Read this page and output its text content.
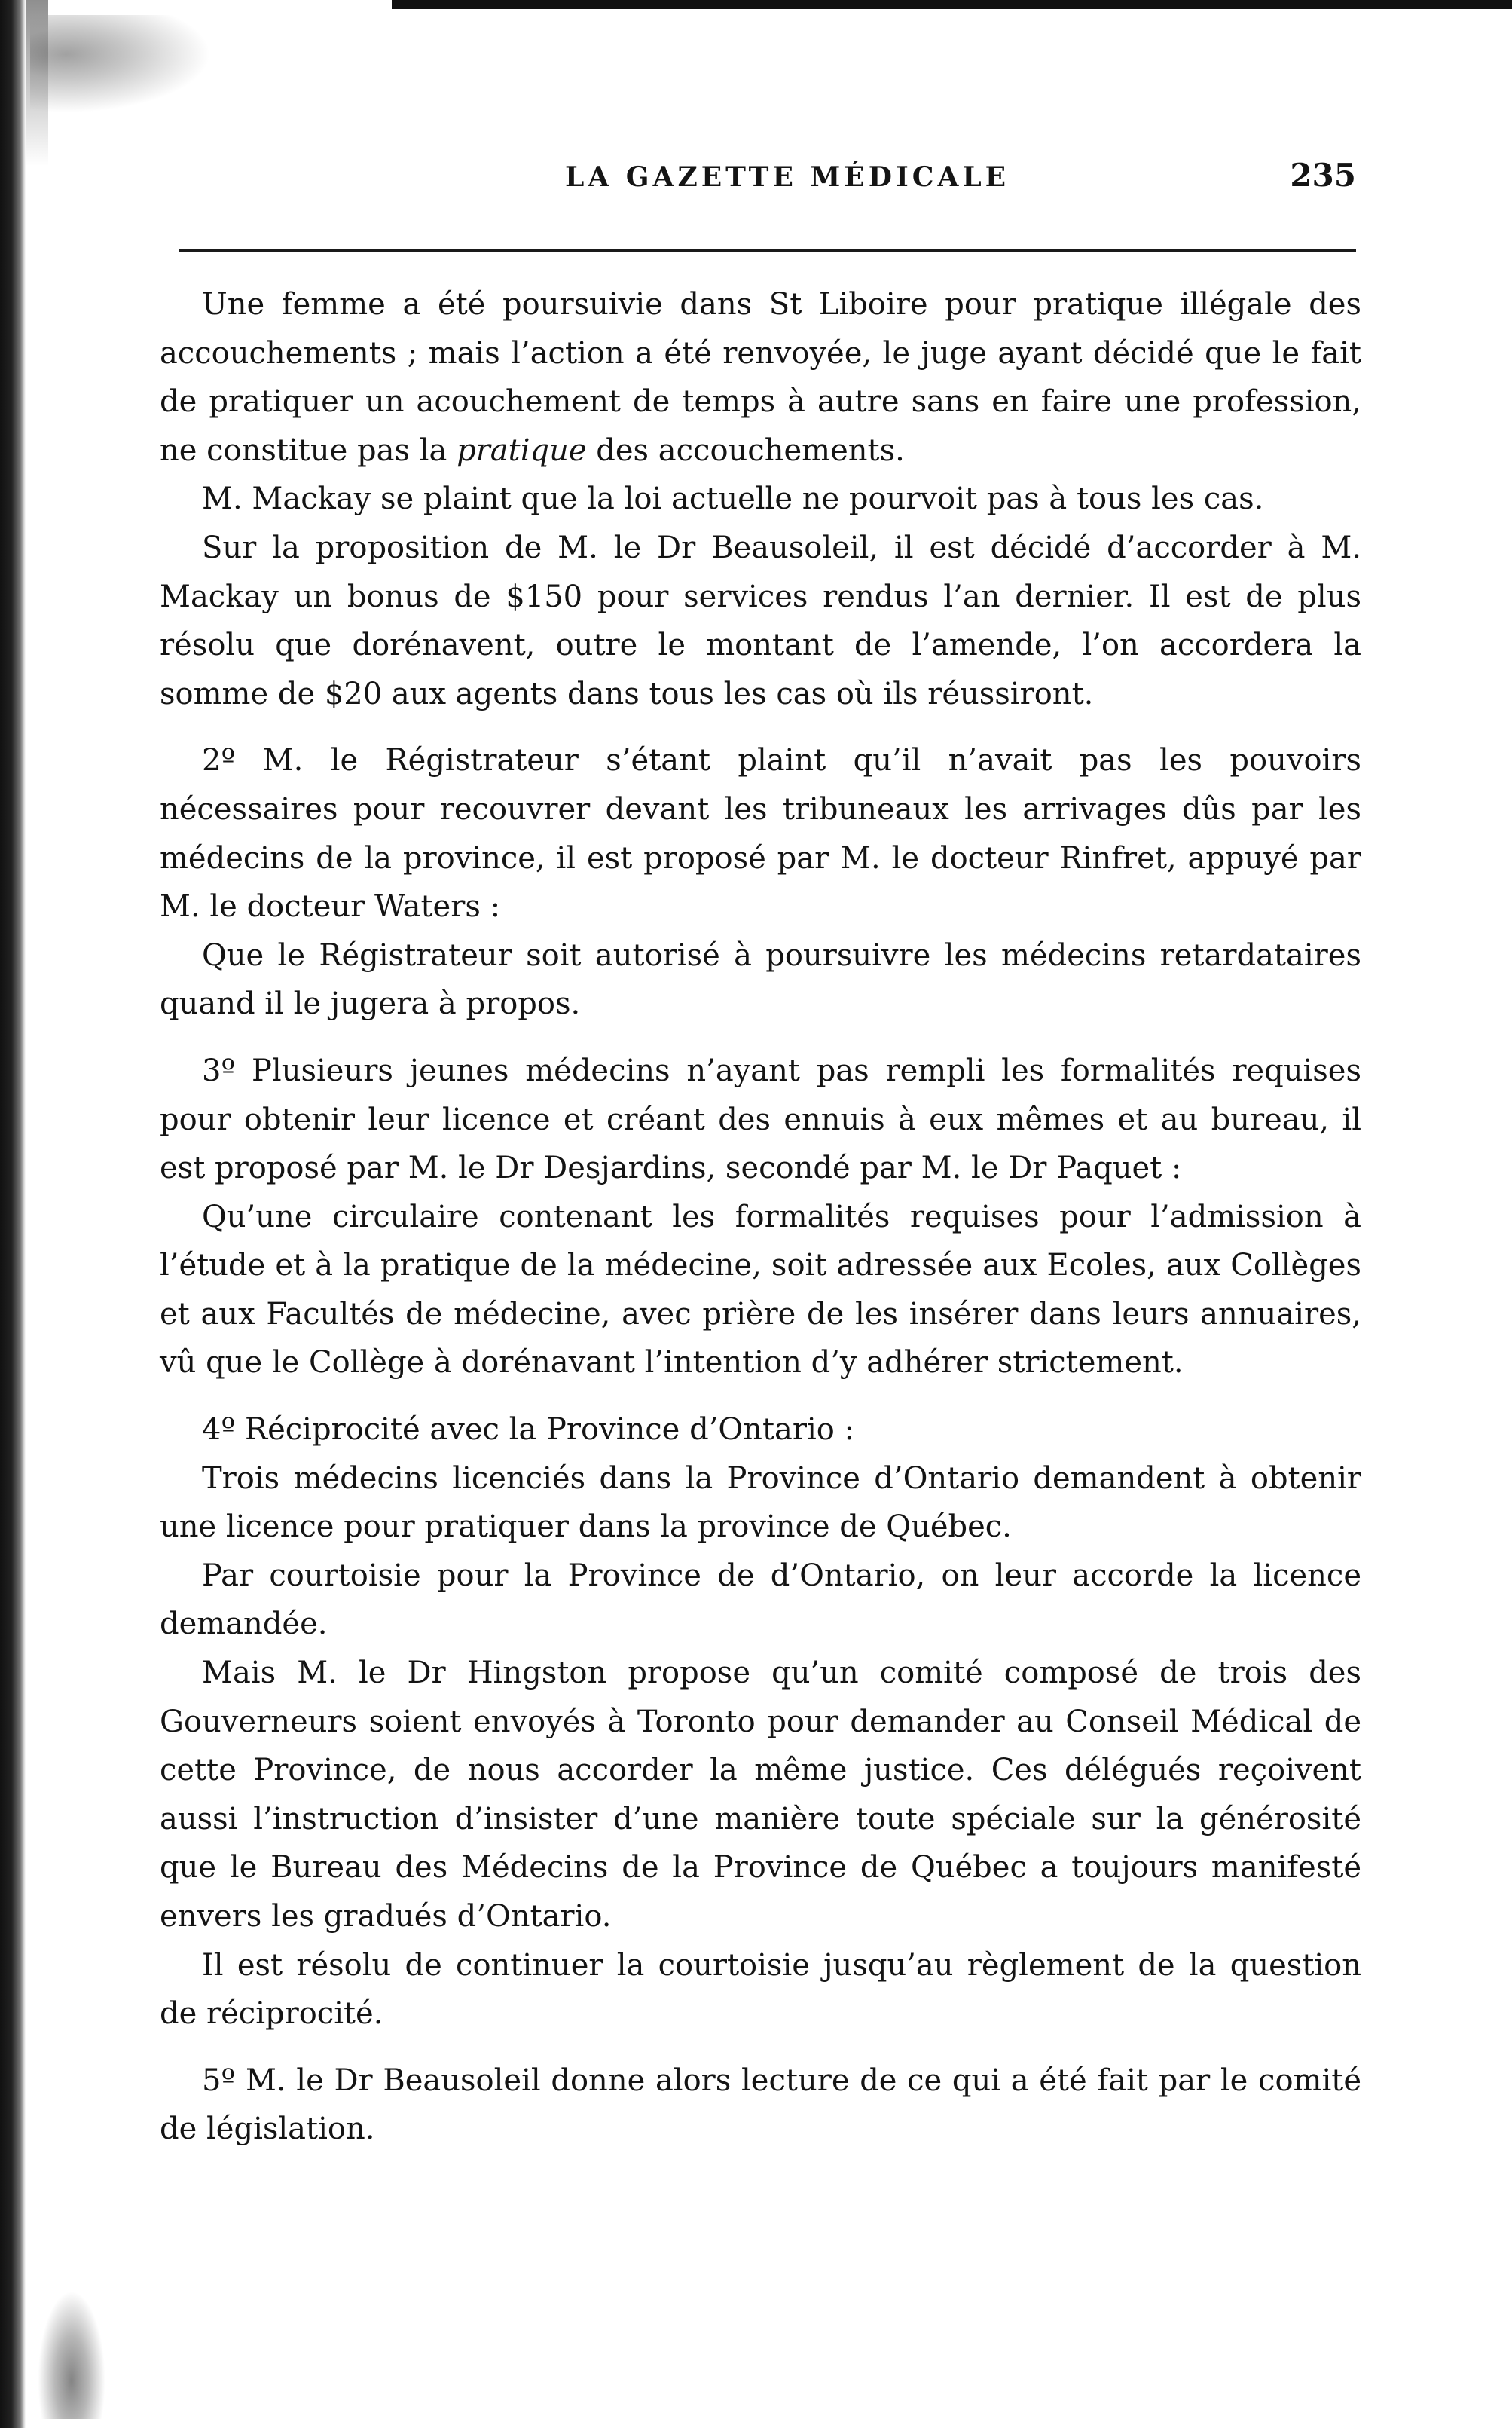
LA GAZETTE MÉDICALE	235

Une femme a été poursuivie dans St Liboire pour pratique illégale des accouchements ; mais l’action a été renvoyée, le juge ayant décidé que le fait de pratiquer un acouchement de temps à autre sans en faire une profession, ne constitue pas la pratique des accouchements.

M. Mackay se plaint que la loi actuelle ne pourvoit pas à tous les cas.

Sur la proposition de M. le Dr Beausoleil, il est décidé d’accorder à M. Mackay un bonus de $150 pour services rendus l’an dernier. Il est de plus résolu que dorénavent, outre le montant de l’amende, l’on accordera la somme de $20 aux agents dans tous les cas où ils réussiront.

2º M. le Régistrateur s’étant plaint qu’il n’avait pas les pouvoirs nécessaires pour recouvrer devant les tribuneaux les arrivages dûs par les médecins de la province, il est proposé par M. le docteur Rinfret, appuyé par M. le docteur Waters :

Que le Régistrateur soit autorisé à poursuivre les médecins retardataires quand il le jugera à propos.

3º Plusieurs jeunes médecins n’ayant pas rempli les formalités requises pour obtenir leur licence et créant des ennuis à eux mêmes et au bureau, il est proposé par M. le Dr Desjardins, secondé par M. le Dr Paquet :

Qu’une circulaire contenant les formalités requises pour l’admission à l’étude et à la pratique de la médecine, soit adressée aux Ecoles, aux Collèges et aux Facultés de médecine, avec prière de les insérer dans leurs annuaires, vû que le Collège à dorénavant l’intention d’y adhérer strictement.

4º Réciprocité avec la Province d’Ontario :

Trois médecins licenciés dans la Province d’Ontario demandent à obtenir une licence pour pratiquer dans la province de Québec.

Par courtoisie pour la Province de d’Ontario, on leur accorde la licence demandée.

Mais M. le Dr Hingston propose qu’un comité composé de trois des Gouverneurs soient envoyés à Toronto pour demander au Conseil Médical de cette Province, de nous accorder la même justice. Ces délégués reçoivent aussi l’instruction d’insister d’une manière toute spéciale sur la générosité que le Bureau des Médecins de la Province de Québec a toujours manifesté envers les gradués d’Ontario.

Il est résolu de continuer la courtoisie jusqu’au règlement de la question de réciprocité.

5º M. le Dr Beausoleil donne alors lecture de ce qui a été fait par le comité de législation.
